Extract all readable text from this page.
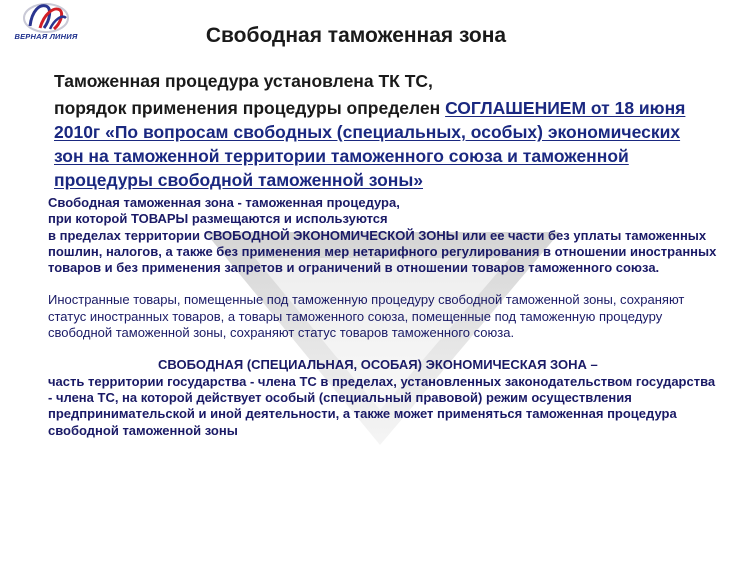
ВЕРНАЯ ЛИНИЯ	Свободная таможенная зона

Таможенная процедура установлена ТК ТС,

порядок применения процедуры определен СОГЛАШЕНИЕМ от 18 июня 2010г «По вопросам свободных (специальных, особых) экономических зон на таможенной территории таможенного союза и таможенной процедуры свободной таможенной зоны»

Свободная таможенная зона - таможенная процедура,
при которой ТОВАРЫ размещаются и используются
в пределах территории СВОБОДНОЙ ЭКОНОМИЧЕСКОЙ ЗОНЫ или ее части без уплаты таможенных пошлин, налогов, а также без применения мер нетарифного регулирования в отношении иностранных товаров и без применения запретов и ограничений в отношении товаров таможенного союза.

Иностранные товары, помещенные под таможенную процедуру свободной таможенной зоны, сохраняют статус иностранных товаров, а товары таможенного союза, помещенные под таможенную процедуру свободной таможенной зоны, сохраняют статус товаров таможенного союза.

СВОБОДНАЯ (СПЕЦИАЛЬНАЯ, ОСОБАЯ) ЭКОНОМИЧЕСКАЯ ЗОНА –

часть территории государства - члена ТС в пределах, установленных законодательством государства - члена ТС, на которой действует особый (специальный правовой) режим осуществления предпринимательской и иной деятельности, а также может применяться таможенная процедура свободной таможенной зоны
